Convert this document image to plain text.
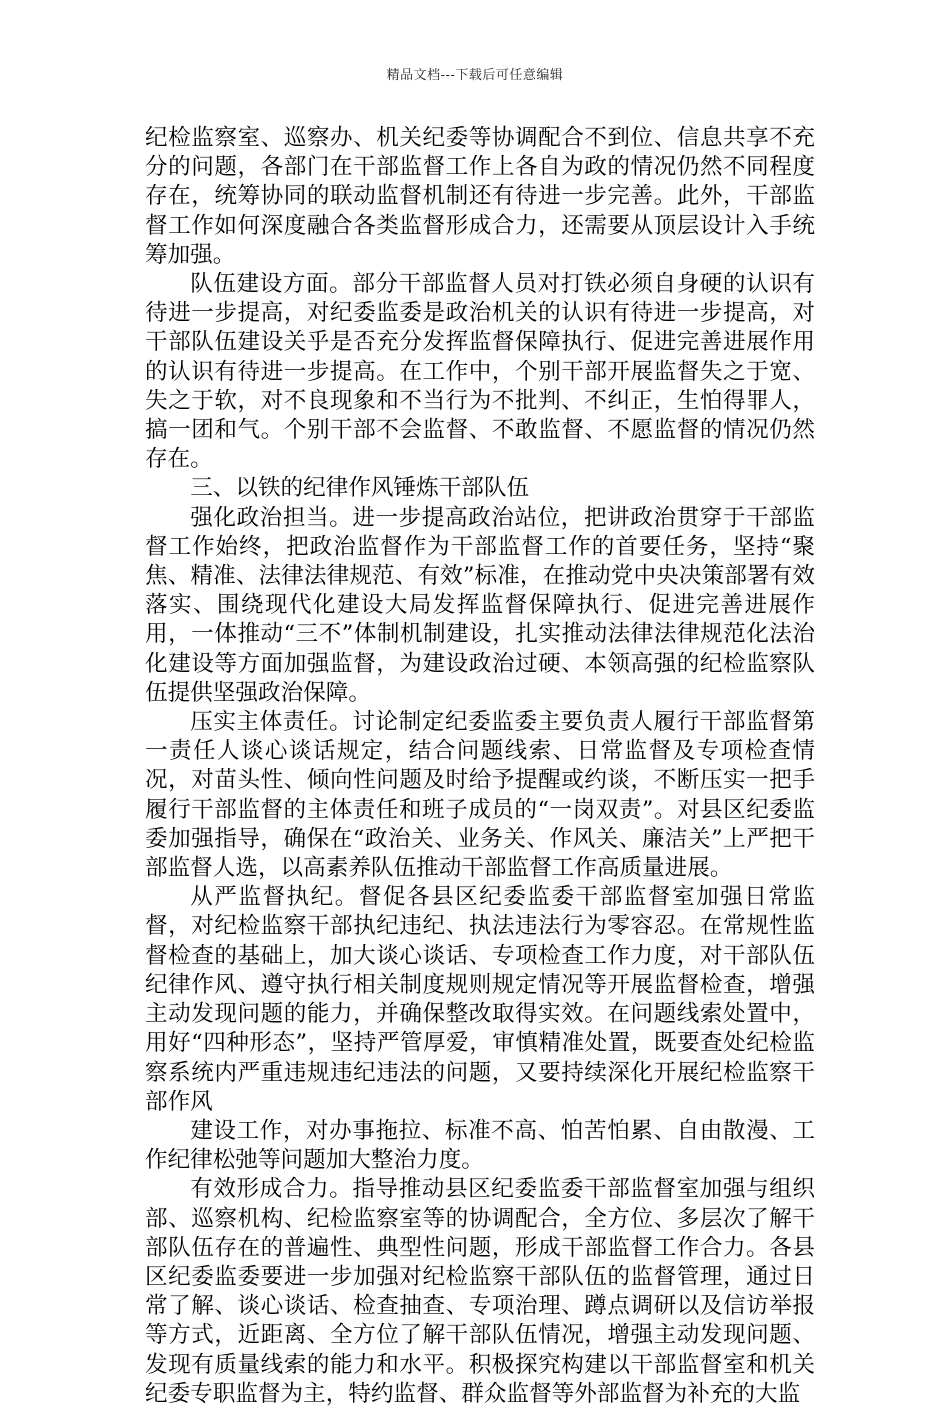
精品文档---下载后可任意编辑

纪检监察室、巡察办、机关纪委等协调配合不到位、信息共享不充分的问题，各部门在干部监督工作上各自为政的情况仍然不同程度存在，统筹协同的联动监督机制还有待进一步完善。此外，干部监督工作如何深度融合各类监督形成合力，还需要从顶层设计入手统筹加强。

队伍建设方面。部分干部监督人员对打铁必须自身硬的认识有待进一步提高，对纪委监委是政治机关的认识有待进一步提高，对干部队伍建设关乎是否充分发挥监督保障执行、促进完善进展作用的认识有待进一步提高。在工作中，个别干部开展监督失之于宽、失之于软，对不良现象和不当行为不批判、不纠正，生怕得罪人，搞一团和气。个别干部不会监督、不敢监督、不愿监督的情况仍然存在。

三、以铁的纪律作风锤炼干部队伍

强化政治担当。进一步提高政治站位，把讲政治贯穿于干部监督工作始终，把政治监督作为干部监督工作的首要任务，坚持“聚焦、精准、法律法律规范、有效”标准，在推动党中央决策部署有效落实、围绕现代化建设大局发挥监督保障执行、促进完善进展作用，一体推动“三不”体制机制建设，扎实推动法律法律规范化法治化建设等方面加强监督，为建设政治过硬、本领高强的纪检监察队伍提供坚强政治保障。

压实主体责任。讨论制定纪委监委主要负责人履行干部监督第一责任人谈心谈话规定，结合问题线索、日常监督及专项检查情况，对苗头性、倾向性问题及时给予提醒或约谈，不断压实一把手履行干部监督的主体责任和班子成员的“一岗双责”。对县区纪委监委加强指导，确保在“政治关、业务关、作风关、廉洁关”上严把干部监督人选，以高素养队伍推动干部监督工作高质量进展。

从严监督执纪。督促各县区纪委监委干部监督室加强日常监督，对纪检监察干部执纪违纪、执法违法行为零容忍。在常规性监督检查的基础上，加大谈心谈话、专项检查工作力度，对干部队伍纪律作风、遵守执行相关制度规则规定情况等开展监督检查，增强主动发现问题的能力，并确保整改取得实效。在问题线索处置中，用好“四种形态”，坚持严管厚爱，审慎精准处置，既要查处纪检监察系统内严重违规违纪违法的问题，又要持续深化开展纪检监察干部作风

建设工作，对办事拖拉、标准不高、怕苦怕累、自由散漫、工作纪律松弛等问题加大整治力度。

有效形成合力。指导推动县区纪委监委干部监督室加强与组织部、巡察机构、纪检监察室等的协调配合，全方位、多层次了解干部队伍存在的普遍性、典型性问题，形成干部监督工作合力。各县区纪委监委要进一步加强对纪检监察干部队伍的监督管理，通过日常了解、谈心谈话、检查抽查、专项治理、蹲点调研以及信访举报等方式，近距离、全方位了解干部队伍情况，增强主动发现问题、发现有质量线索的能力和水平。积极探究构建以干部监督室和机关纪委专职监督为主，特约监督、群众监督等外部监督为补充的大监
